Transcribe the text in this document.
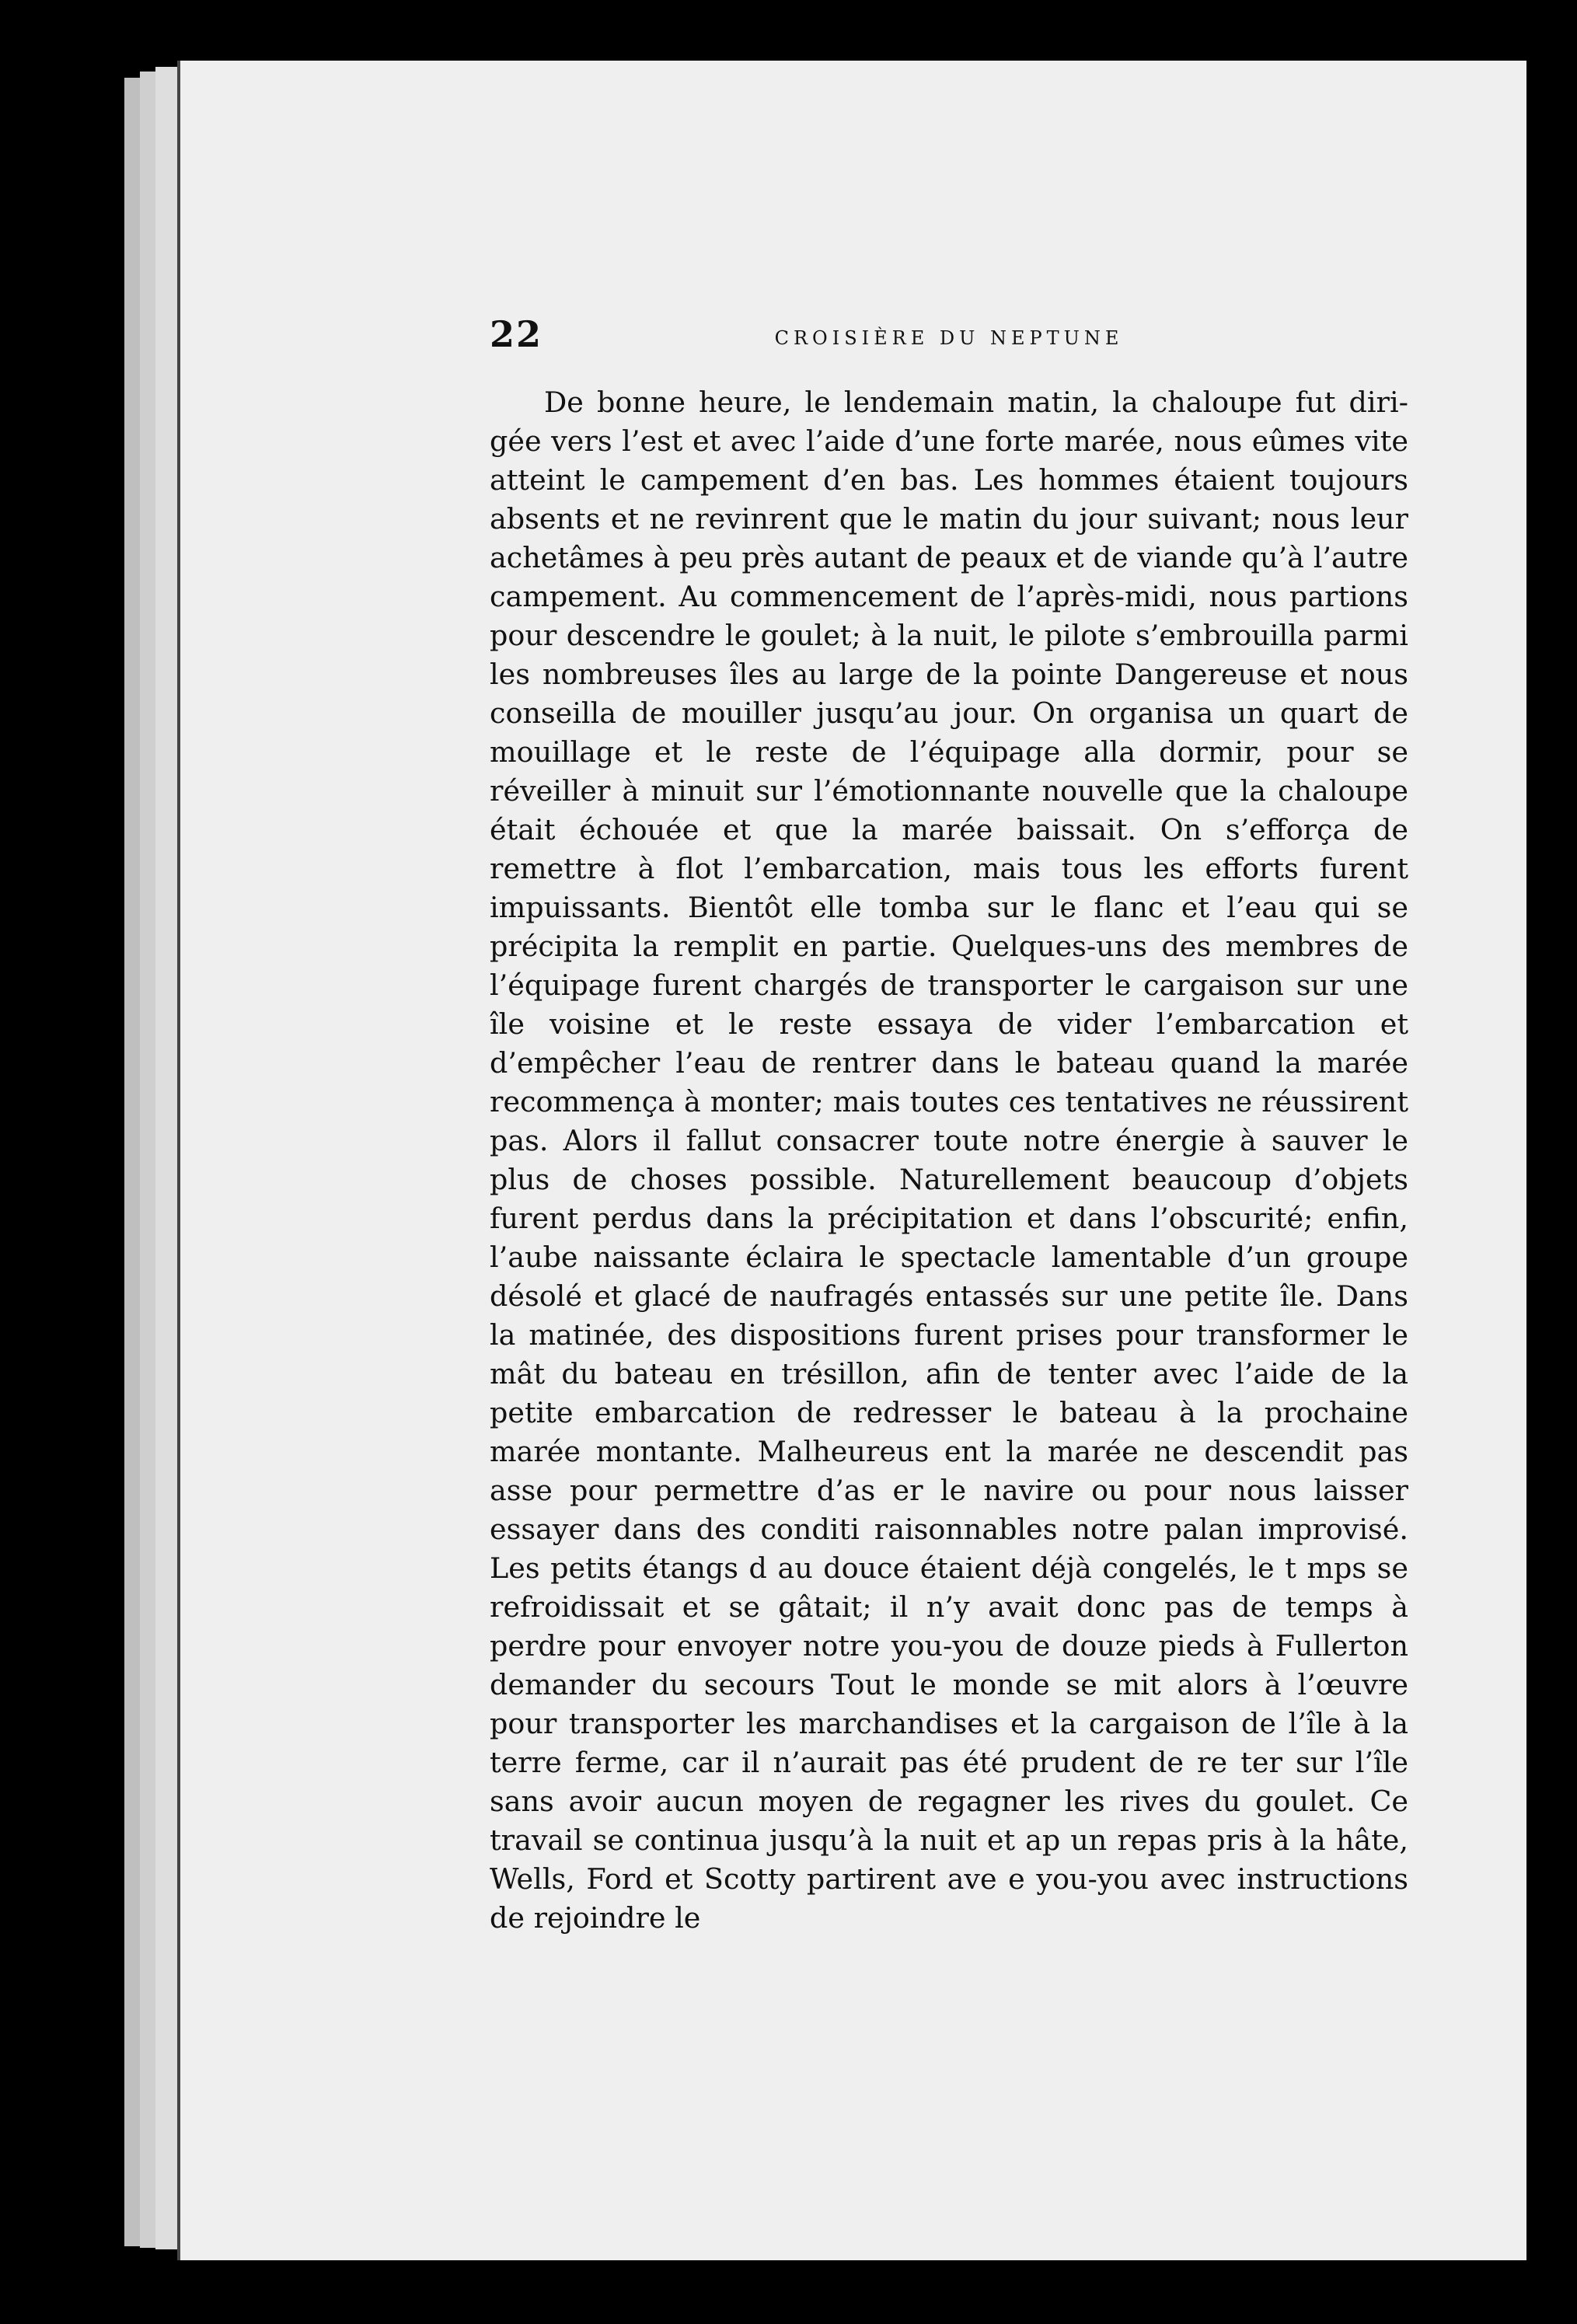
22	CROISIÈRE DU NEPTUNE

De bonne heure, le lendemain matin, la chaloupe fut dirigée vers l’est et avec l’aide d’une forte marée, nous eûmes vite atteint le campement d’en bas. Les hommes étaient toujours absents et ne revinrent que le matin du jour suivant; nous leur achetâmes à peu près autant de peaux et de viande qu’à l’autre campement. Au commencement de l’après-midi, nous partions pour descendre le goulet; à la nuit, le pilote s’embrouilla parmi les nombreuses îles au large de la pointe Dangereuse et nous conseilla de mouiller jusqu’au jour. On organisa un quart de mouillage et le reste de l’équipage alla dormir, pour se réveiller à minuit sur l’émotionnante nouvelle que la chaloupe était échouée et que la marée baissait. On s’efforça de remettre à flot l’embarcation, mais tous les efforts furent impuissants. Bientôt elle tomba sur le flanc et l’eau qui se précipita la remplit en partie. Quelques-uns des membres de l’équipage furent chargés de transporter le cargaison sur une île voisine et le reste essaya de vider l’embarcation et d’empêcher l’eau de rentrer dans le bateau quand la marée recommença à monter; mais toutes ces tentatives ne réussirent pas. Alors il fallut consacrer toute notre énergie à sauver le plus de choses possible. Naturellement beaucoup d’objets furent perdus dans la précipitation et dans l’obscurité; enfin, l’aube naissante éclaira le spectacle lamentable d’un groupe désolé et glacé de naufragés entassés sur une petite île. Dans la matinée, des dispositions furent prises pour transformer le mât du bateau en trésillon, afin de tenter avec l’aide de la petite embarcation de redresser le bateau à la prochaine marée montante. Malheureus ent la marée ne descendit pas asse pour permettre d’as er le navire ou pour nous laisser essayer dans des conditi raisonnables notre palan improvisé. Les petits étangs d au douce étaient déjà congelés, le t mps se refroidissait et se gâtait; il n’y avait donc pas de temps à perdre pour envoyer notre you-you de douze pieds à Fullerton demander du secours Tout le monde se mit alors à l’œuvre pour transporter les marchandises et la cargaison de l’île à la terre ferme, car il n’aurait pas été prudent de re ter sur l’île sans avoir aucun moyen de regagner les rives du goulet. Ce travail se continua jusqu’à la nuit et ap un repas pris à la hâte, Wells, Ford et Scotty partirent ave e you-you avec instructions de rejoindre le
